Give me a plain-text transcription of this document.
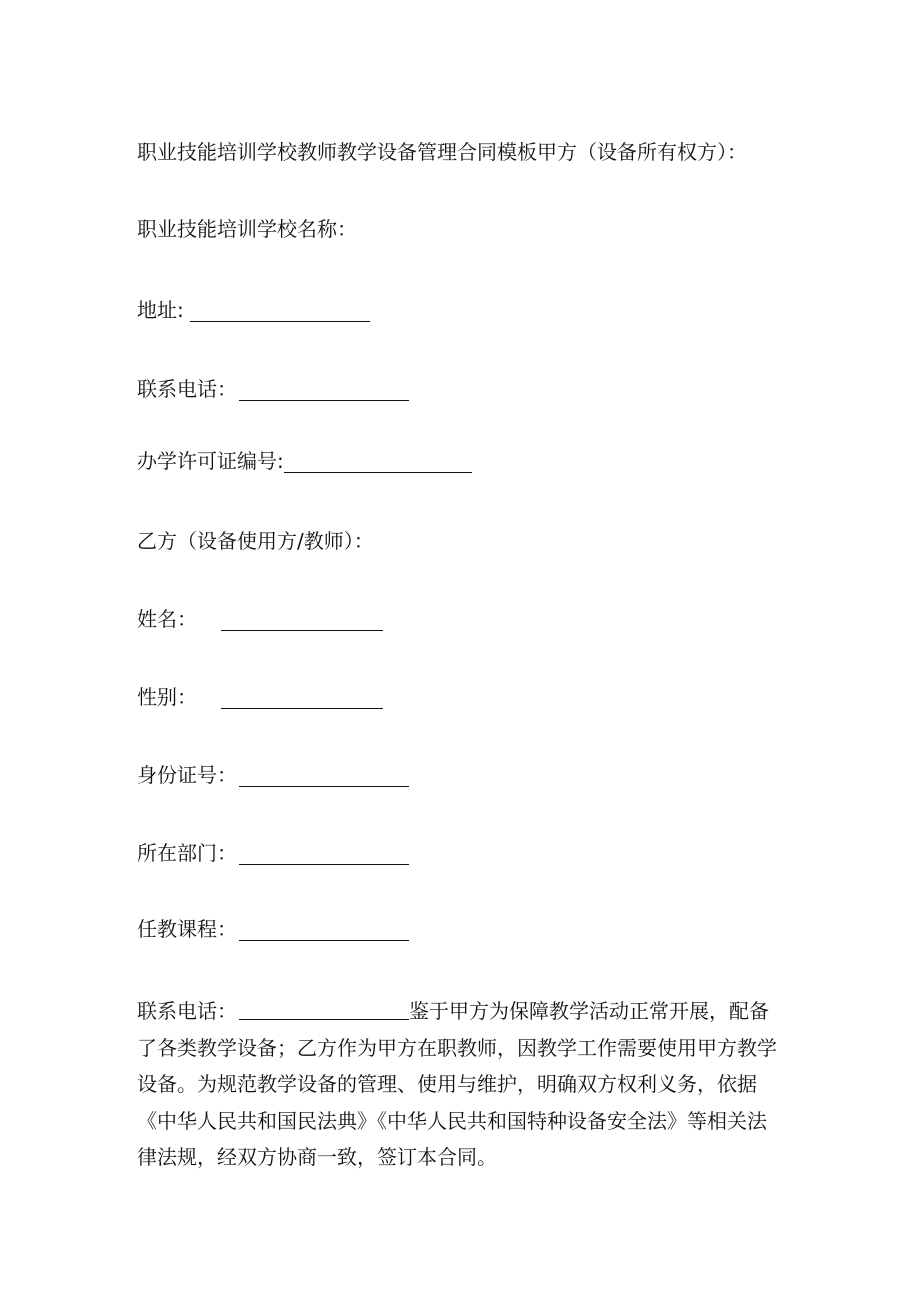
职业技能培训学校教师教学设备管理合同模板甲方（设备所有权方）：
职业技能培训学校名称：
地址:
联系电话：
办学许可证编号:
乙方（设备使用方/教师）：
姓名：
性别：
身份证号：
所在部门：
任教课程：
联系电话：	鉴于甲方为保障教学活动正常开展，配备了各类教学设备；乙方作为甲方在职教师，因教学工作需要使用甲方教学设备。为规范教学设备的管理、使用与维护，明确双方权利义务，依据《中华人民共和国民法典》《中华人民共和国特种设备安全法》等相关法律法规，经双方协商一致，签订本合同。
